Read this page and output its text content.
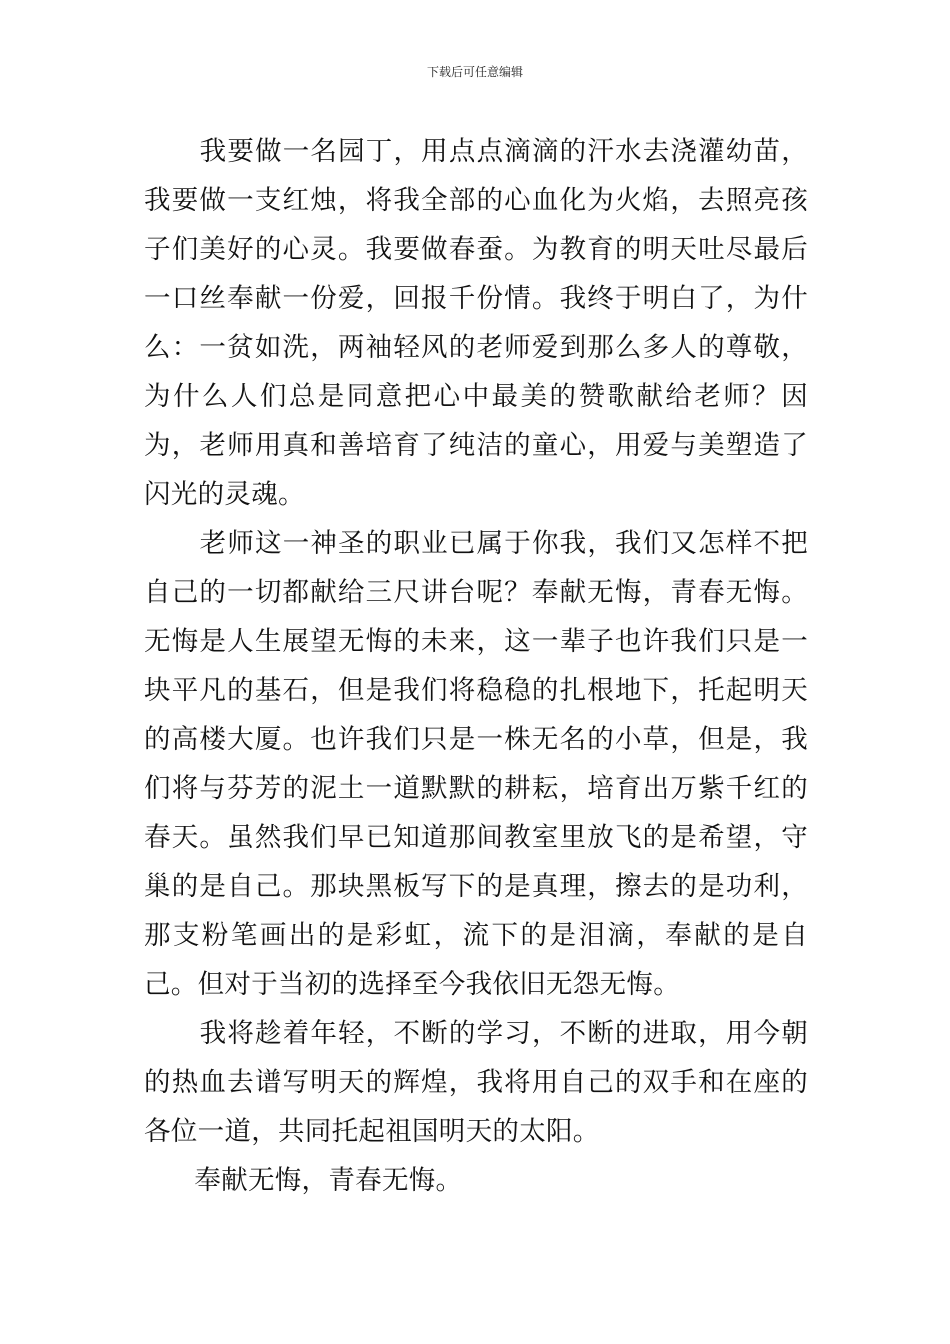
下载后可任意编辑

我要做一名园丁，用点点滴滴的汗水去浇灌幼苗，我要做一支红烛，将我全部的心血化为火焰，去照亮孩子们美好的心灵。我要做春蚕。为教育的明天吐尽最后一口丝奉献一份爱，回报千份情。我终于明白了，为什么：一贫如洗，两袖轻风的老师爱到那么多人的尊敬，为什么人们总是同意把心中最美的赞歌献给老师？因为，老师用真和善培育了纯洁的童心，用爱与美塑造了闪光的灵魂。

老师这一神圣的职业已属于你我，我们又怎样不把自己的一切都献给三尺讲台呢？奉献无悔，青春无悔。无悔是人生展望无悔的未来，这一辈子也许我们只是一块平凡的基石，但是我们将稳稳的扎根地下，托起明天的高楼大厦。也许我们只是一株无名的小草，但是，我们将与芬芳的泥土一道默默的耕耘，培育出万紫千红的春天。虽然我们早已知道那间教室里放飞的是希望，守巢的是自己。那块黑板写下的是真理，擦去的是功利，那支粉笔画出的是彩虹，流下的是泪滴，奉献的是自己。但对于当初的选择至今我依旧无怨无悔。

我将趁着年轻，不断的学习，不断的进取，用今朝的热血去谱写明天的辉煌，我将用自己的双手和在座的各位一道，共同托起祖国明天的太阳。

奉献无悔，青春无悔。
